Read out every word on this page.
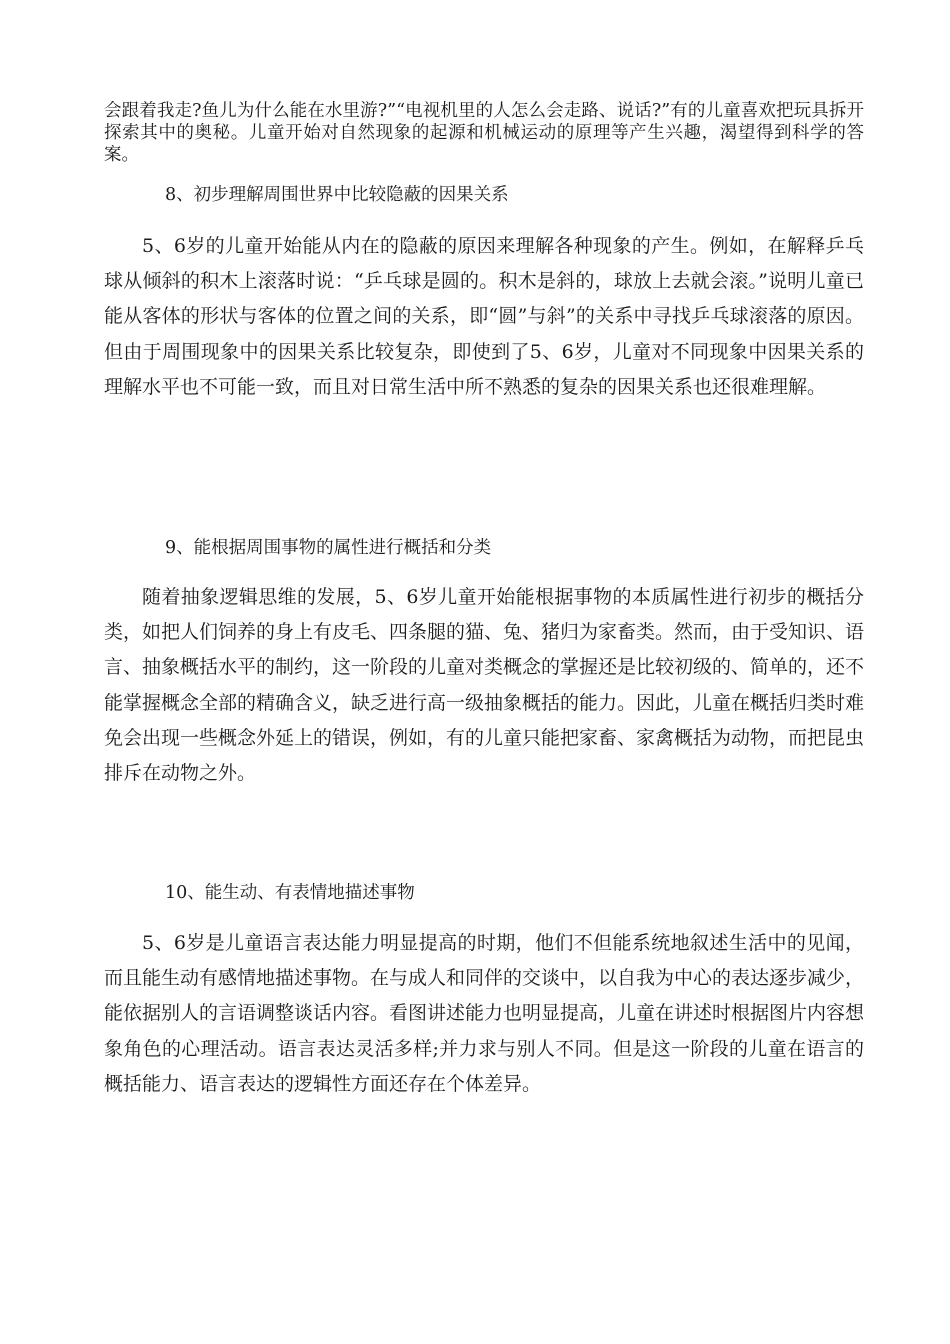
会跟着我走?鱼儿为什么能在水里游?”“电视机里的人怎么会走路、说话?”有的儿童喜欢把玩具拆开探索其中的奥秘。儿童开始对自然现象的起源和机械运动的原理等产生兴趣，渴望得到科学的答案。

8、初步理解周围世界中比较隐蔽的因果关系

5、6岁的儿童开始能从内在的隐蔽的原因来理解各种现象的产生。例如，在解释乒乓球从倾斜的积木上滚落时说：“乒乓球是圆的。积木是斜的，球放上去就会滚。”说明儿童已能从客体的形状与客体的位置之间的关系，即“圆”与斜”的关系中寻找乒乓球滚落的原因。但由于周围现象中的因果关系比较复杂，即使到了5、6岁，儿童对不同现象中因果关系的理解水平也不可能一致，而且对日常生活中所不熟悉的复杂的因果关系也还很难理解。

9、能根据周围事物的属性进行概括和分类

随着抽象逻辑思维的发展，5、6岁儿童开始能根据事物的本质属性进行初步的概括分类，如把人们饲养的身上有皮毛、四条腿的猫、兔、猪归为家畜类。然而，由于受知识、语言、抽象概括水平的制约，这一阶段的儿童对类概念的掌握还是比较初级的、简单的，还不能掌握概念全部的精确含义，缺乏进行高一级抽象概括的能力。因此，儿童在概括归类时难免会出现一些概念外延上的错误，例如，有的儿童只能把家畜、家禽概括为动物，而把昆虫排斥在动物之外。

10、能生动、有表情地描述事物

5、6岁是儿童语言表达能力明显提高的时期，他们不但能系统地叙述生活中的见闻，而且能生动有感情地描述事物。在与成人和同伴的交谈中，以自我为中心的表达逐步减少，能依据别人的言语调整谈话内容。看图讲述能力也明显提高，儿童在讲述时根据图片内容想象角色的心理活动。语言表达灵活多样;并力求与别人不同。但是这一阶段的儿童在语言的概括能力、语言表达的逻辑性方面还存在个体差异。
